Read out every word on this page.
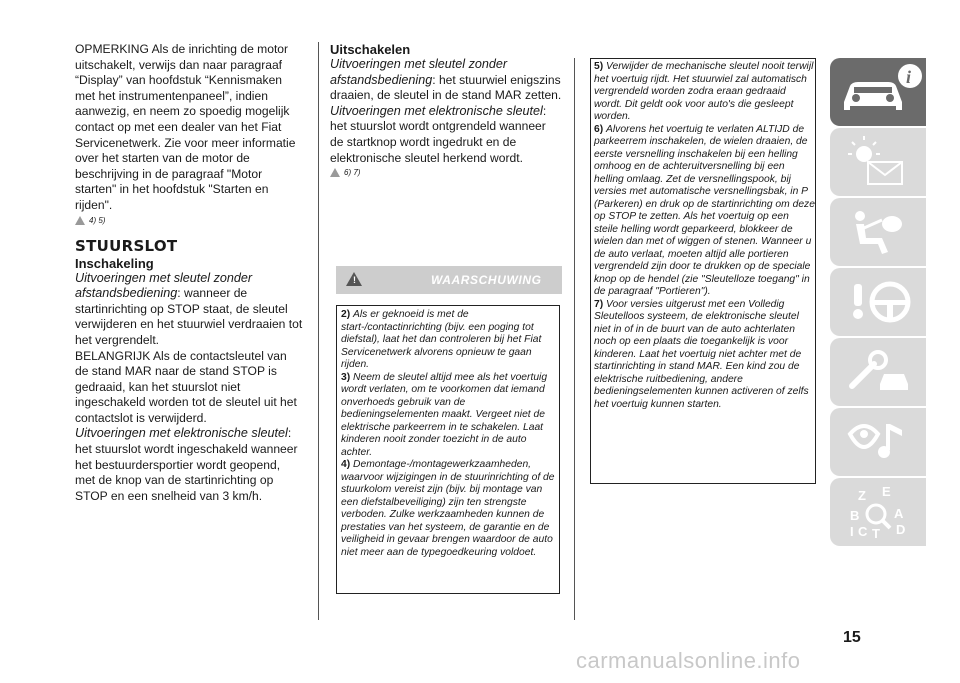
OPMERKING Als de inrichting de motor uitschakelt, verwijs dan naar paragraaf “Display” van hoofdstuk “Kennismaken met het instrumentenpaneel”, indien aanwezig, en neem zo spoedig mogelijk contact op met een dealer van het Fiat Servicenetwerk. Zie voor meer informatie over het starten van de motor de beschrijving in de paragraaf "Motor starten" in het hoofdstuk "Starten en rijden".

4) 5)
STUURSLOT
Inschakeling

Uitvoeringen met sleutel zonder afstandsbediening: wanneer de startinrichting op STOP staat, de sleutel verwijderen en het stuurwiel verdraaien tot het vergrendelt.

BELANGRIJK Als de contactsleutel van de stand MAR naar de stand STOP is gedraaid, kan het stuurslot niet ingeschakeld worden tot de sleutel uit het contactslot is verwijderd.

Uitvoeringen met elektronische sleutel: het stuurslot wordt ingeschakeld wanneer het bestuurdersportier wordt geopend, met de knop van de startinrichting op STOP en een snelheid van 3 km/h.

Uitschakelen

Uitvoeringen met sleutel zonder afstandsbediening: het stuurwiel enigszins draaien, de sleutel in de stand MAR zetten.

Uitvoeringen met elektronische sleutel: het stuurslot wordt ontgrendeld wanneer de startknop wordt ingedrukt en de elektronische sleutel herkend wordt.

6) 7)
!	WAARSCHUWING

2) Als er geknoeid is met de start-/contactinrichting (bijv. een poging tot diefstal), laat het dan controleren bij het Fiat Servicenetwerk alvorens opnieuw te gaan rijden.

3) Neem de sleutel altijd mee als het voertuig wordt verlaten, om te voorkomen dat iemand onverhoeds gebruik van de bedieningselementen maakt. Vergeet niet de elektrische parkeerrem in te schakelen. Laat kinderen nooit zonder toezicht in de auto achter.

4) Demontage-/montagewerkzaamheden, waarvoor wijzigingen in de stuurinrichting of de stuurkolom vereist zijn (bijv. bij montage van een diefstalbeveiliging) zijn ten strengste verboden. Zulke werkzaamheden kunnen de prestaties van het systeem, de garantie en de veiligheid in gevaar brengen waardoor de auto niet meer aan de typegoedkeuring voldoet.

5) Verwijder de mechanische sleutel nooit terwijl het voertuig rijdt. Het stuurwiel zal automatisch vergrendeld worden zodra eraan gedraaid wordt. Dit geldt ook voor auto's die gesleept worden.

6) Alvorens het voertuig te verlaten ALTIJD de parkeerrem inschakelen, de wielen draaien, de eerste versnelling inschakelen bij een helling omhoog en de achteruitversnelling bij een helling omlaag. Zet de versnellingspook, bij versies met automatische versnellingsbak, in P (Parkeren) en druk op de startinrichting om deze op STOP te zetten. Als het voertuig op een steile helling wordt geparkeerd, blokkeer de wielen dan met of wiggen of stenen. Wanneer u de auto verlaat, moeten altijd alle portieren vergrendeld zijn door te drukken op de speciale knop op de hendel (zie "Sleutelloze toegang" in de paragraaf "Portieren").

7) Voor versies uitgerust met een Volledig Sleutelloos systeem, de elektronische sleutel niet in of in de buurt van de auto achterlaten noch op een plaats die toegankelijk is voor kinderen. Laat het voertuig niet achter met de startinrichting in stand MAR. Een kind zou de elektrische ruitbediening, andere bedieningselementen kunnen activeren of zelfs het voertuig kunnen starten.

i
Z E
B	A
C T D
I
15
carmanualsonline.info
